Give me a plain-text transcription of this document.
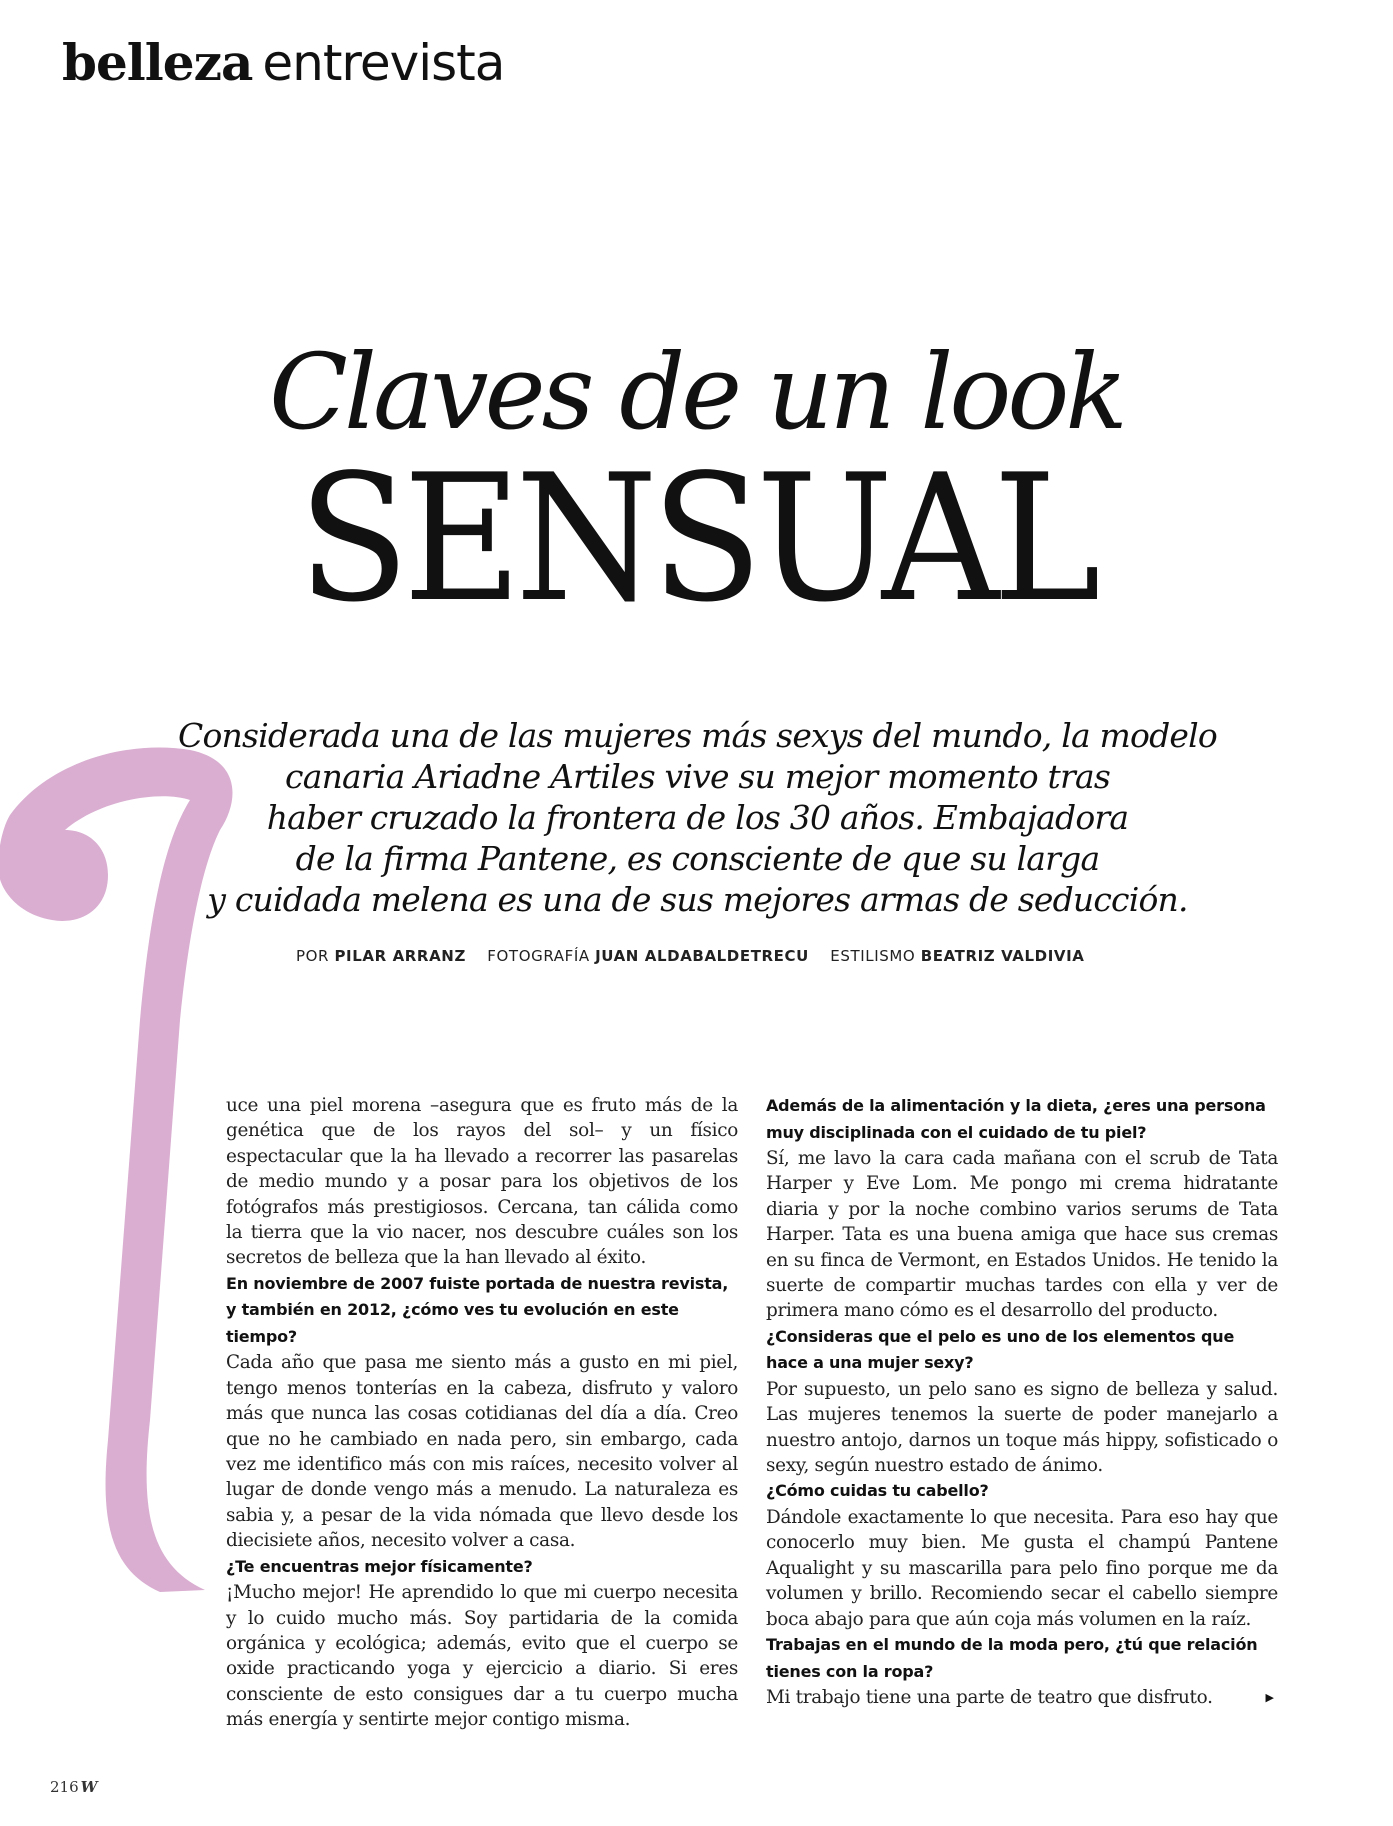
belleza entrevista
Claves de un look
SENSUAL
Considerada una de las mujeres más sexys del mundo, la modelo
canaria Ariadne Artiles vive su mejor momento tras
haber cruzado la frontera de los 30 años. Embajadora
de la firma Pantene, es consciente de que su larga
y cuidada melena es una de sus mejores armas de seducción.
POR PILAR ARRANZ FOTOGRAFÍA JUAN ALDABALDETRECU ESTILISMO BEATRIZ VALDIVIA

uce una piel morena –asegura que es fruto más de la genética que de los rayos del sol– y un físico espectacular que la ha llevado a recorrer las pasarelas de medio mundo y a posar para los objetivos de los fotógrafos más prestigiosos. Cercana, tan cálida como la tierra que la vio nacer, nos descubre cuáles son los secretos de belleza que la han llevado al éxito.

En noviembre de 2007 fuiste portada de nuestra revista, y también en 2012, ¿cómo ves tu evolución en este tiempo?

Cada año que pasa me siento más a gusto en mi piel, tengo menos tonterías en la cabeza, disfruto y valoro más que nunca las cosas cotidianas del día a día. Creo que no he cambiado en nada pero, sin embargo, cada vez me identifico más con mis raíces, necesito volver al lugar de donde vengo más a menudo. La naturaleza es sabia y, a pesar de la vida nómada que llevo desde los diecisiete años, necesito volver a casa.

¿Te encuentras mejor físicamente?

¡Mucho mejor! He aprendido lo que mi cuerpo necesita y lo cuido mucho más. Soy partidaria de la comida orgánica y ecológica; además, evito que el cuerpo se oxide practicando yoga y ejercicio a diario. Si eres consciente de esto consigues dar a tu cuerpo mucha más energía y sentirte mejor contigo misma.

Además de la alimentación y la dieta, ¿eres una persona muy disciplinada con el cuidado de tu piel?

Sí, me lavo la cara cada mañana con el scrub de Tata Harper y Eve Lom. Me pongo mi crema hidratante diaria y por la noche combino varios serums de Tata Harper. Tata es una buena amiga que hace sus cremas en su finca de Vermont, en Estados Unidos. He tenido la suerte de compartir muchas tardes con ella y ver de primera mano cómo es el desarrollo del producto.

¿Consideras que el pelo es uno de los elementos que hace a una mujer sexy?

Por supuesto, un pelo sano es signo de belleza y salud. Las mujeres tenemos la suerte de poder manejarlo a nuestro antojo, darnos un toque más hippy, sofisticado o sexy, según nuestro estado de ánimo.

¿Cómo cuidas tu cabello?

Dándole exactamente lo que necesita. Para eso hay que conocerlo muy bien. Me gusta el champú Pantene Aqualight y su mascarilla para pelo fino porque me da volumen y brillo. Recomiendo secar el cabello siempre boca abajo para que aún coja más volumen en la raíz.

Trabajas en el mundo de la moda pero, ¿tú que relación tienes con la ropa?

Mi trabajo tiene una parte de teatro que disfruto.	▶
216 W
